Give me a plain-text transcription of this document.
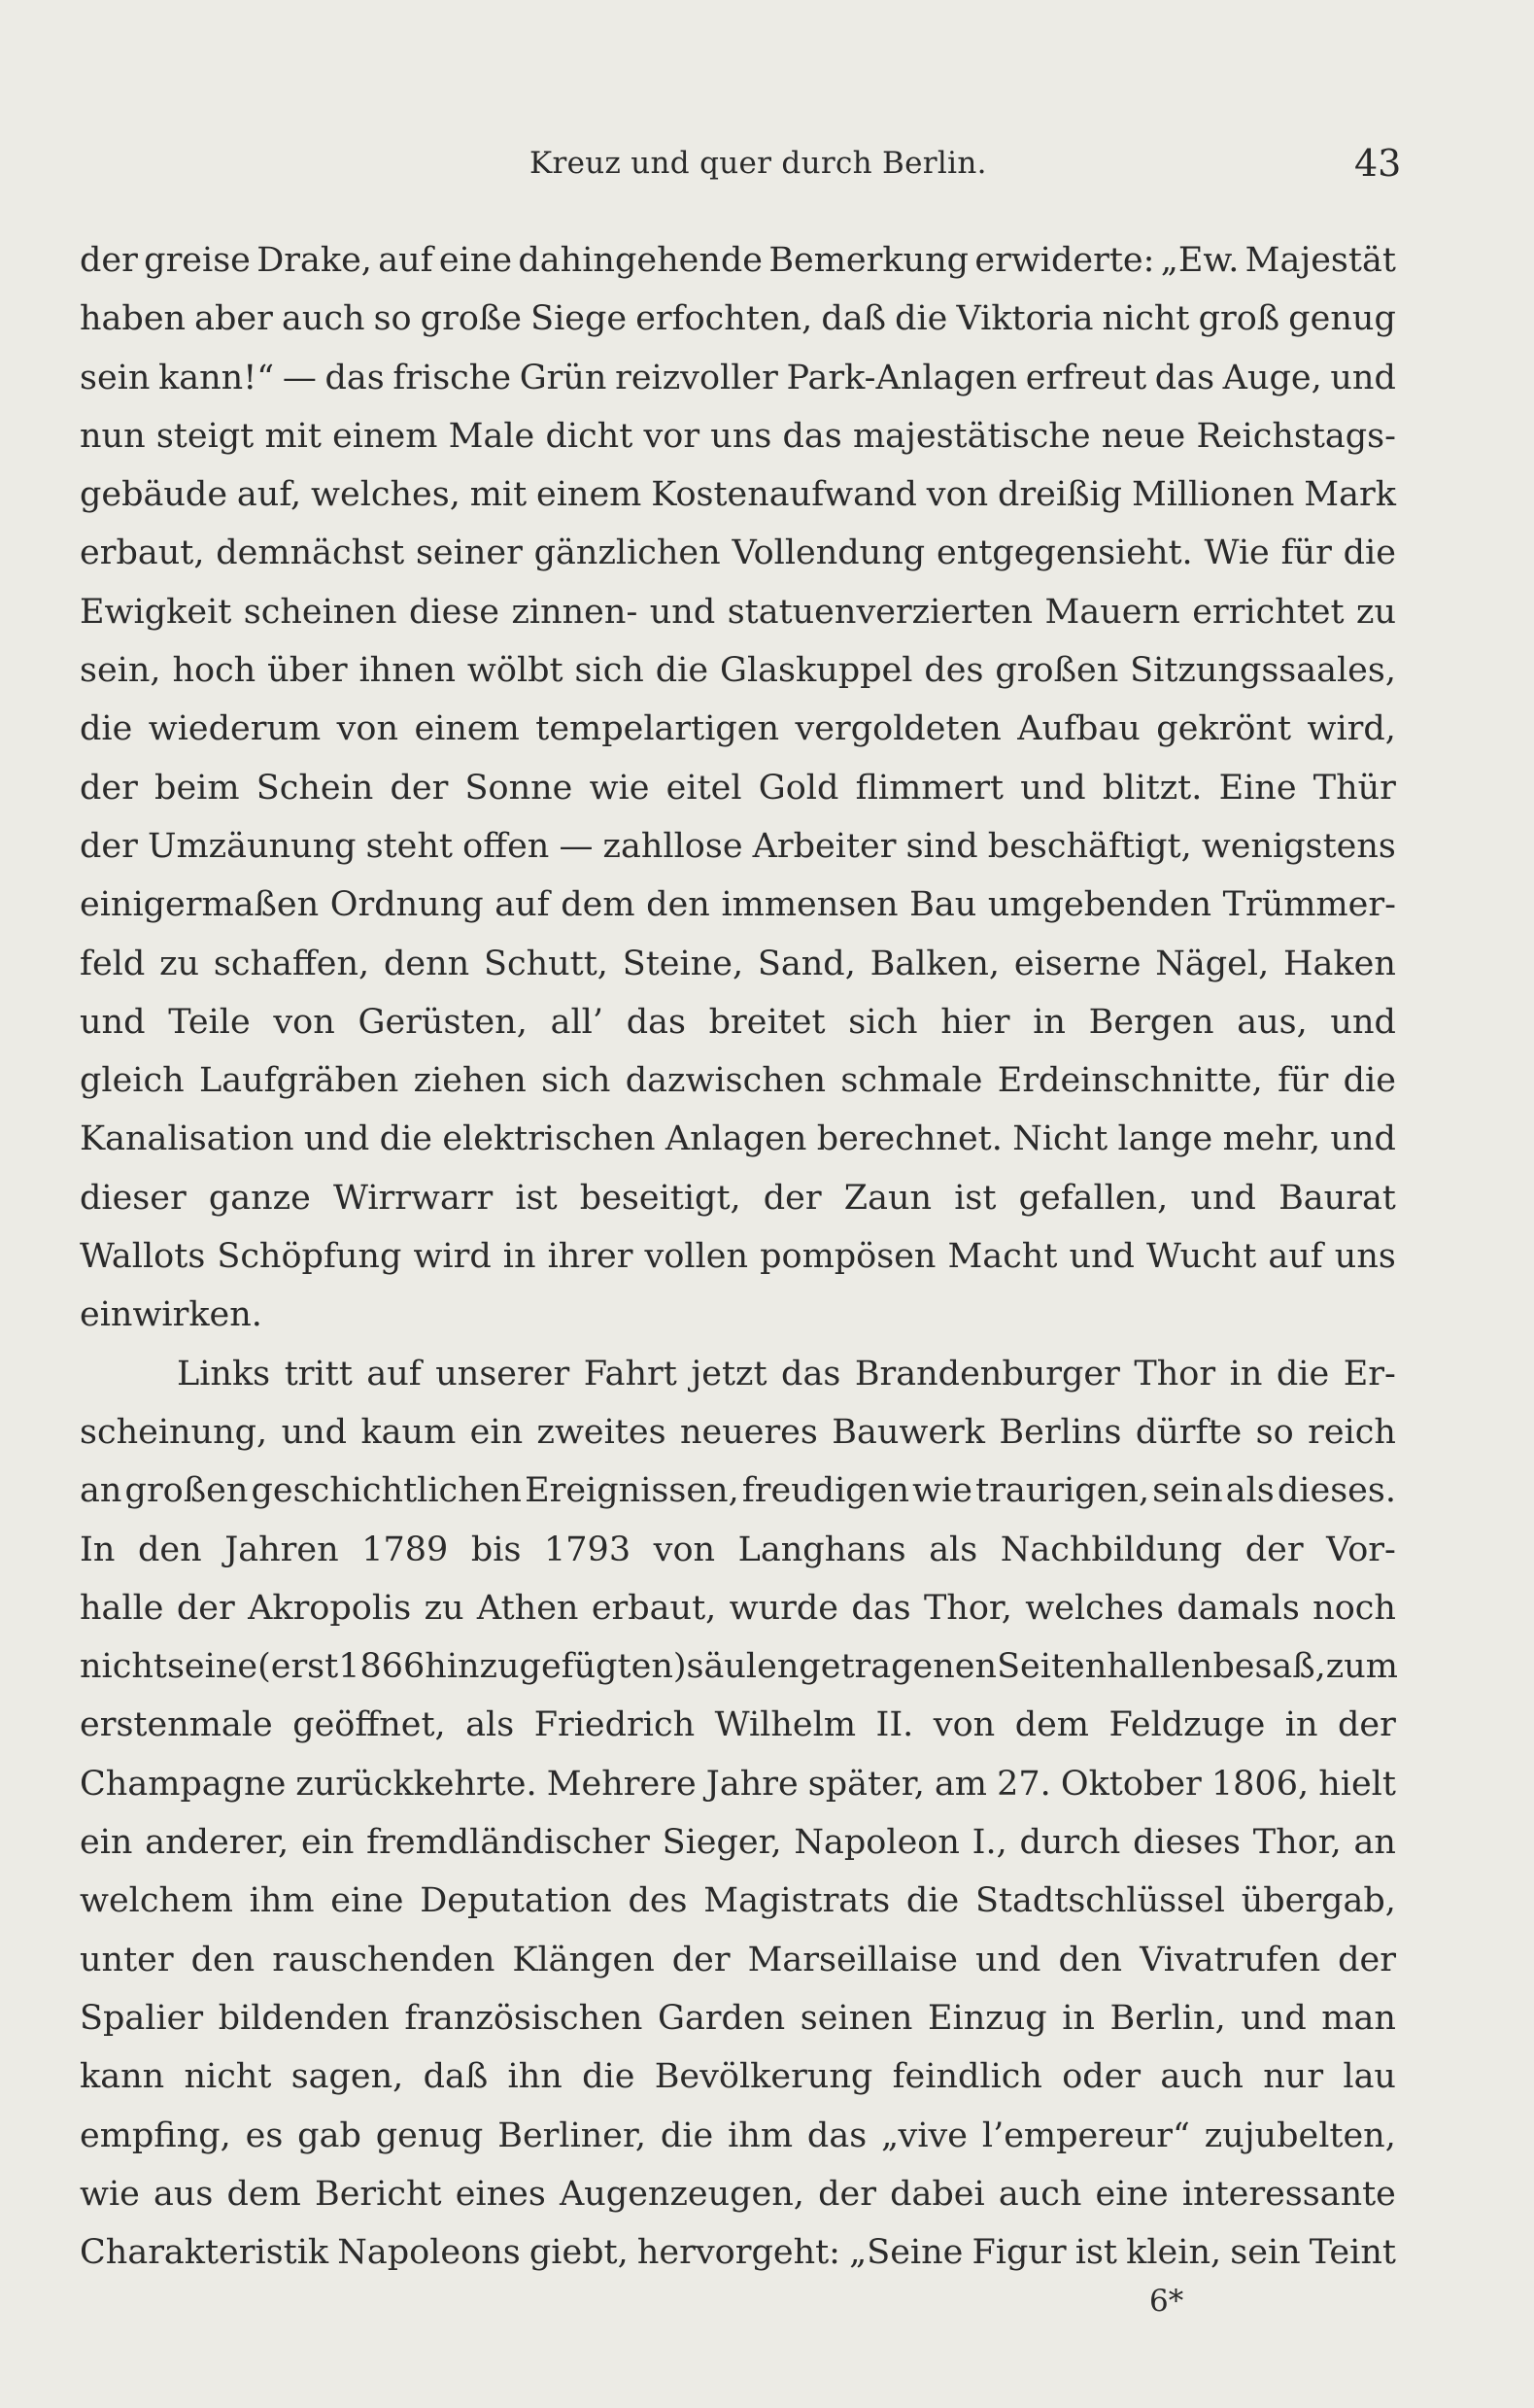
Kreuz und quer durch Berlin.	43
der greise Drake, auf eine dahingehende Bemerkung erwiderte: „Ew. Majestät
haben aber auch so große Siege erfochten, daß die Viktoria nicht groß genug
sein kann!“ — das frische Grün reizvoller Park-Anlagen erfreut das Auge, und
nun steigt mit einem Male dicht vor uns das majestätische neue Reichstags-
gebäude auf, welches, mit einem Kostenaufwand von dreißig Millionen Mark
erbaut, demnächst seiner gänzlichen Vollendung entgegensieht. Wie für die
Ewigkeit scheinen diese zinnen- und statuenverzierten Mauern errichtet zu
sein, hoch über ihnen wölbt sich die Glaskuppel des großen Sitzungssaales,
die wiederum von einem tempelartigen vergoldeten Aufbau gekrönt wird,
der beim Schein der Sonne wie eitel Gold flimmert und blitzt. Eine Thür
der Umzäunung steht offen — zahllose Arbeiter sind beschäftigt, wenigstens
einigermaßen Ordnung auf dem den immensen Bau umgebenden Trümmer-
feld zu schaffen, denn Schutt, Steine, Sand, Balken, eiserne Nägel, Haken
und Teile von Gerüsten, all’ das breitet sich hier in Bergen aus, und
gleich Laufgräben ziehen sich dazwischen schmale Erdeinschnitte, für die
Kanalisation und die elektrischen Anlagen berechnet. Nicht lange mehr, und
dieser ganze Wirrwarr ist beseitigt, der Zaun ist gefallen, und Baurat
Wallots Schöpfung wird in ihrer vollen pompösen Macht und Wucht auf uns
einwirken.
Links tritt auf unserer Fahrt jetzt das Brandenburger Thor in die Er-
scheinung, und kaum ein zweites neueres Bauwerk Berlins dürfte so reich
an großen geschichtlichen Ereignissen, freudigen wie traurigen, sein als dieses.
In den Jahren 1789 bis 1793 von Langhans als Nachbildung der Vor-
halle der Akropolis zu Athen erbaut, wurde das Thor, welches damals noch
nicht seine (erst 1866 hinzugefügten) säulengetragenen Seitenhallen besaß, zum
erstenmale geöffnet, als Friedrich Wilhelm II. von dem Feldzuge in der
Champagne zurückkehrte. Mehrere Jahre später, am 27. Oktober 1806, hielt
ein anderer, ein fremdländischer Sieger, Napoleon I., durch dieses Thor, an
welchem ihm eine Deputation des Magistrats die Stadtschlüssel übergab,
unter den rauschenden Klängen der Marseillaise und den Vivatrufen der
Spalier bildenden französischen Garden seinen Einzug in Berlin, und man
kann nicht sagen, daß ihn die Bevölkerung feindlich oder auch nur lau
empfing, es gab genug Berliner, die ihm das „vive l’empereur“ zujubelten,
wie aus dem Bericht eines Augenzeugen, der dabei auch eine interessante
Charakteristik Napoleons giebt, hervorgeht: „Seine Figur ist klein, sein Teint
6*
